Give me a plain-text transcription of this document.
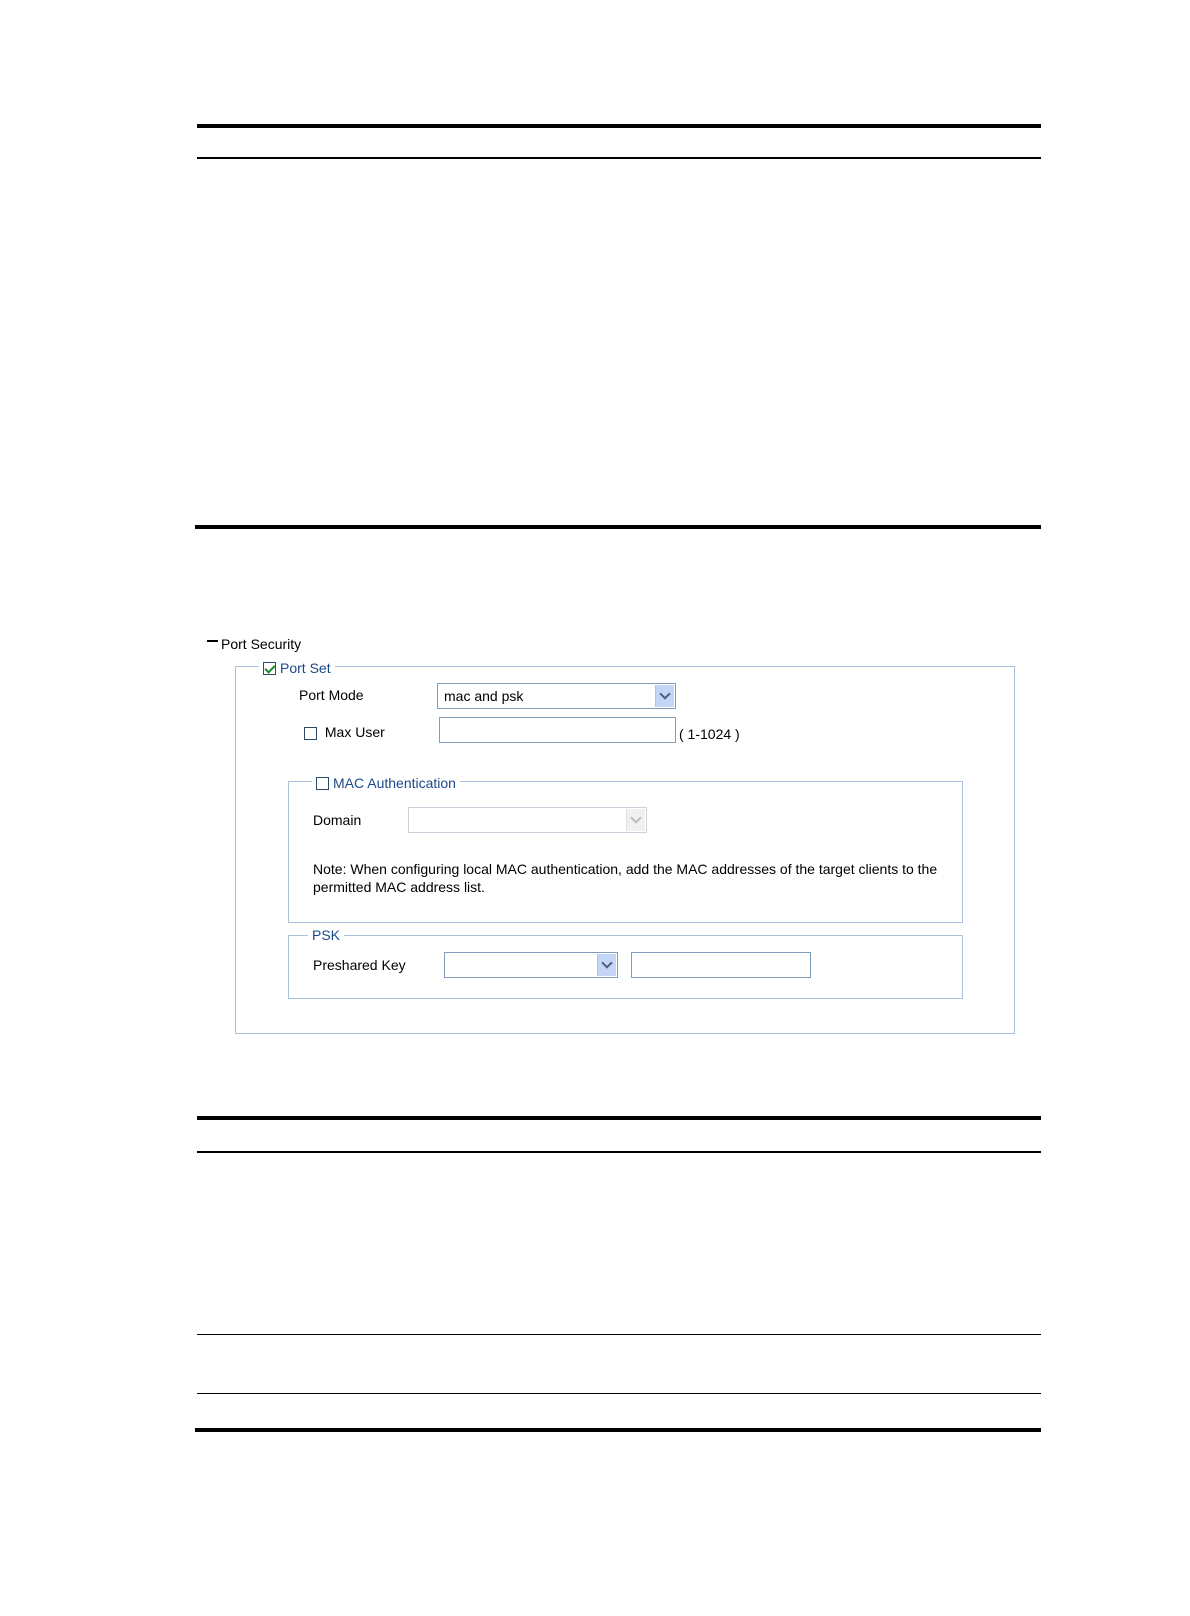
Port Security
Port Set
Port Mode	mac and psk
Max User	( 1-1024 )
MAC Authentication
Domain
Note: When configuring local MAC authentication, add the MAC addresses of the target clients to the permitted MAC address list.
PSK
Preshared Key
